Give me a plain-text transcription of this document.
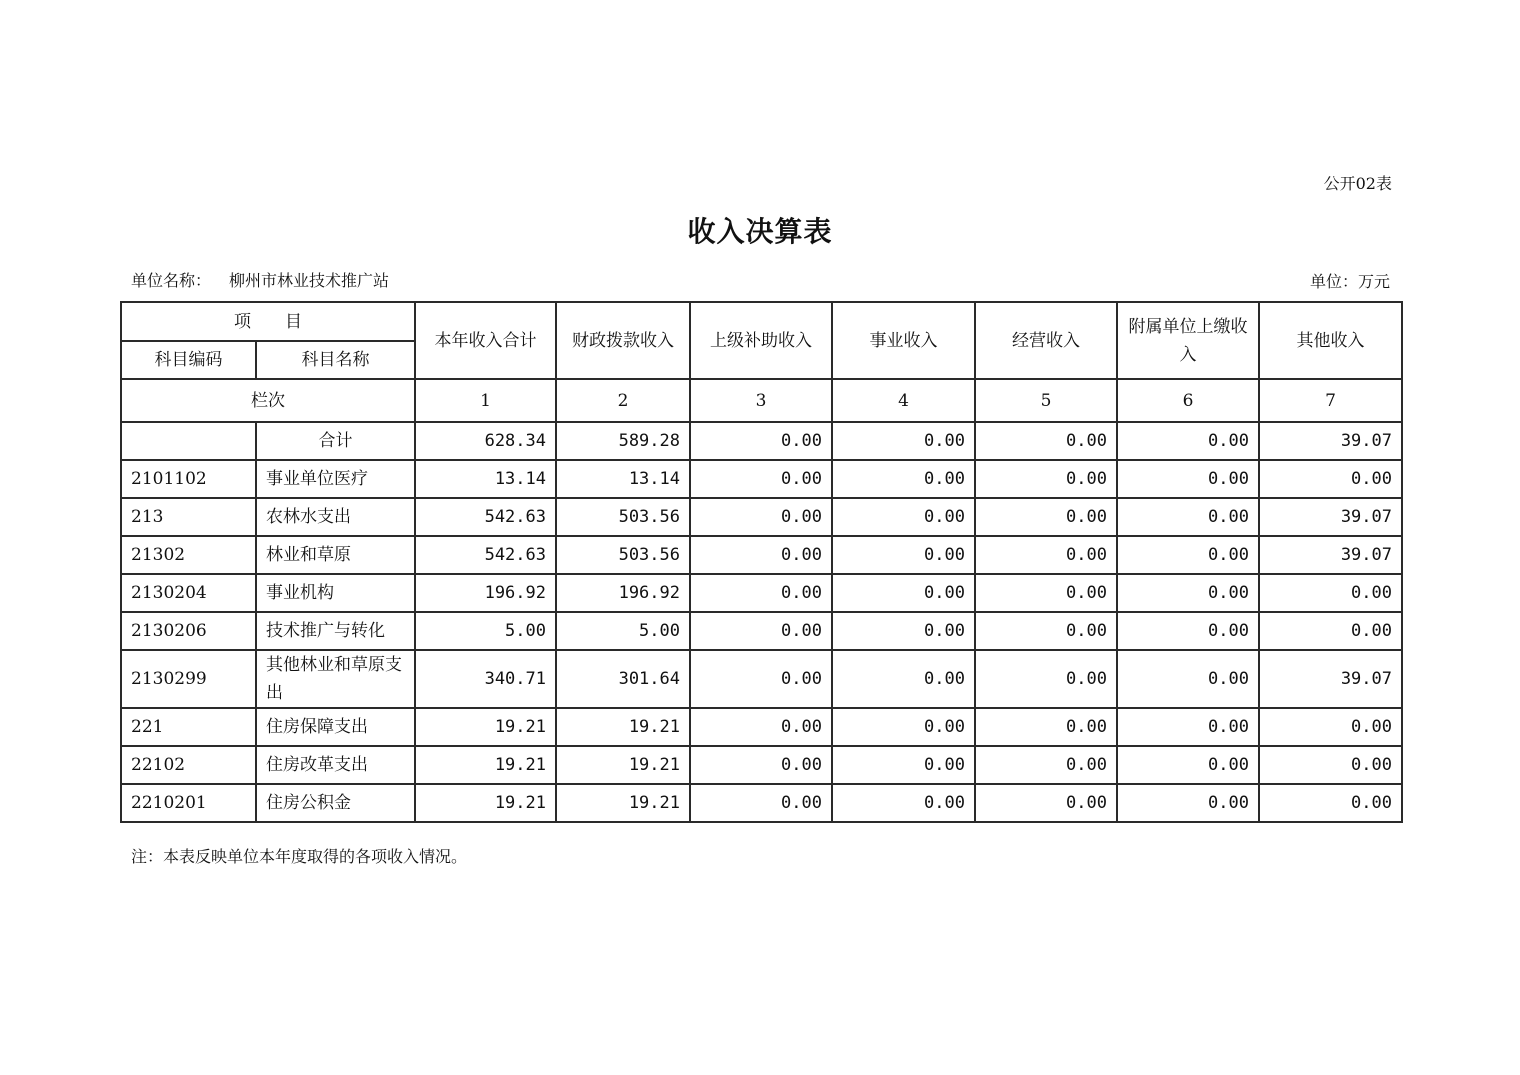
公开02表
收入决算表
单位名称： 柳州市林业技术推广站	单位：万元
项　　目		本年收入合计	财政拨款收入	上级补助收入	事业收入	经营收入	附属单位上缴收入	其他收入
科目编码	科目名称							
栏次		1	2	3	4	5	6	7
	合计	628.34	589.28	0.00	0.00	0.00	0.00	39.07
2101102	事业单位医疗	13.14	13.14	0.00	0.00	0.00	0.00	0.00
213	农林水支出	542.63	503.56	0.00	0.00	0.00	0.00	39.07
21302	林业和草原	542.63	503.56	0.00	0.00	0.00	0.00	39.07
2130204	事业机构	196.92	196.92	0.00	0.00	0.00	0.00	0.00
2130206	技术推广与转化	5.00	5.00	0.00	0.00	0.00	0.00	0.00
2130299	其他林业和草原支出	340.71	301.64	0.00	0.00	0.00	0.00	39.07
221	住房保障支出	19.21	19.21	0.00	0.00	0.00	0.00	0.00
22102	住房改革支出	19.21	19.21	0.00	0.00	0.00	0.00	0.00
2210201	住房公积金	19.21	19.21	0.00	0.00	0.00	0.00	0.00
注：本表反映单位本年度取得的各项收入情况。
